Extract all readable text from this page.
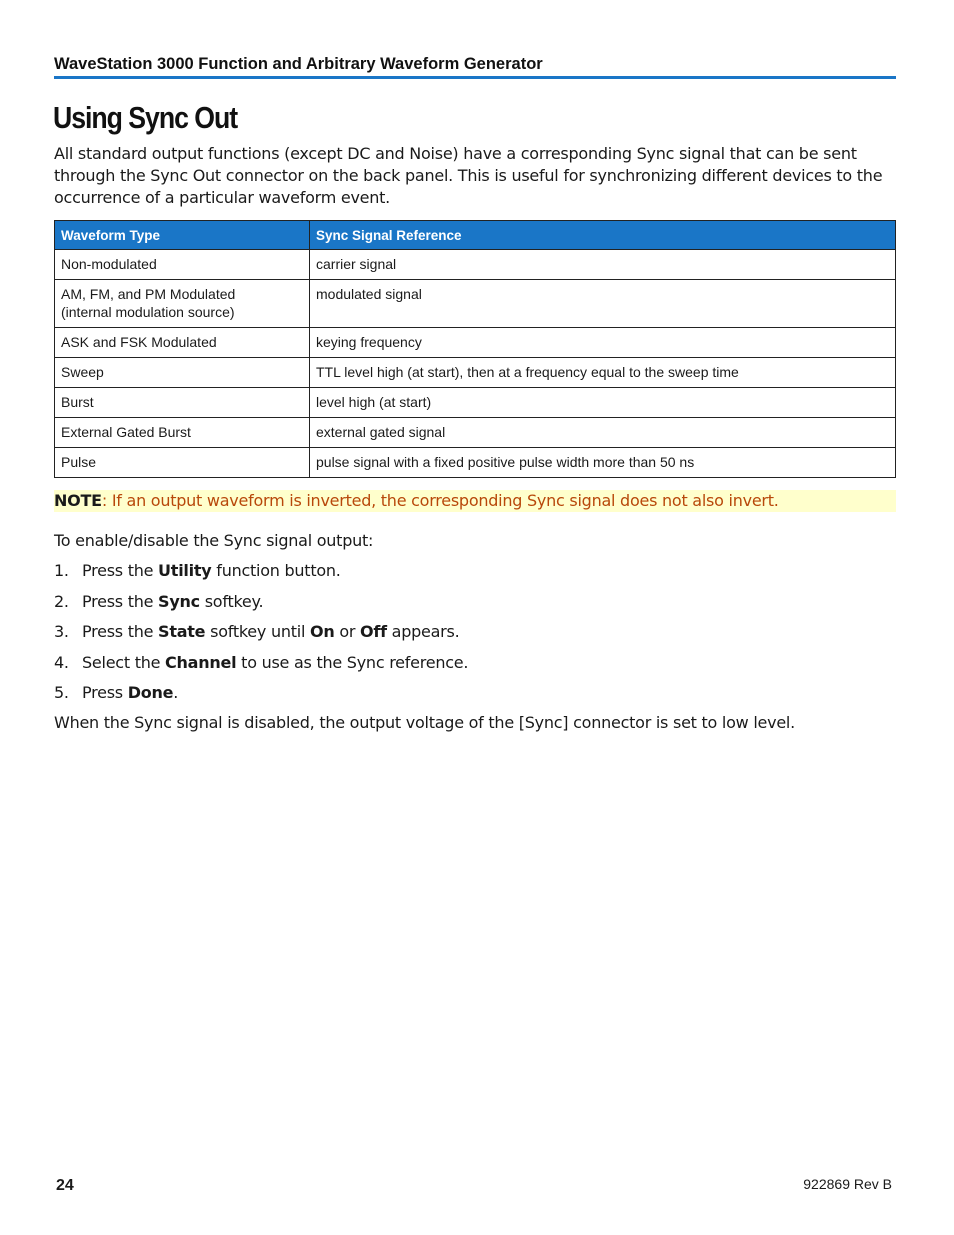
WaveStation 3000 Function and Arbitrary Waveform Generator
Using Sync Out

All standard output functions (except DC and Noise) have a corresponding Sync signal that can be sent through the Sync Out connector on the back panel. This is useful for synchronizing different devices to the occurrence of a particular waveform event.

Waveform Type	Sync Signal Reference
Non-modulated	carrier signal
AM, FM, and PM Modulated
(internal modulation source)	modulated signal
ASK and FSK Modulated	keying frequency
Sweep	TTL level high (at start), then at a frequency equal to the sweep time
Burst	level high (at start)
External Gated Burst	external gated signal
Pulse	pulse signal with a fixed positive pulse width more than 50 ns
NOTE: If an output waveform is inverted, the corresponding Sync signal does not also invert.

To enable/disable the Sync signal output:

1. Press the Utility function button.
2. Press the Sync softkey.
3. Press the State softkey until On or Off appears.
4. Select the Channel to use as the Sync reference.
5. Press Done.

When the Sync signal is disabled, the output voltage of the [Sync] connector is set to low level.

24	922869 Rev B
